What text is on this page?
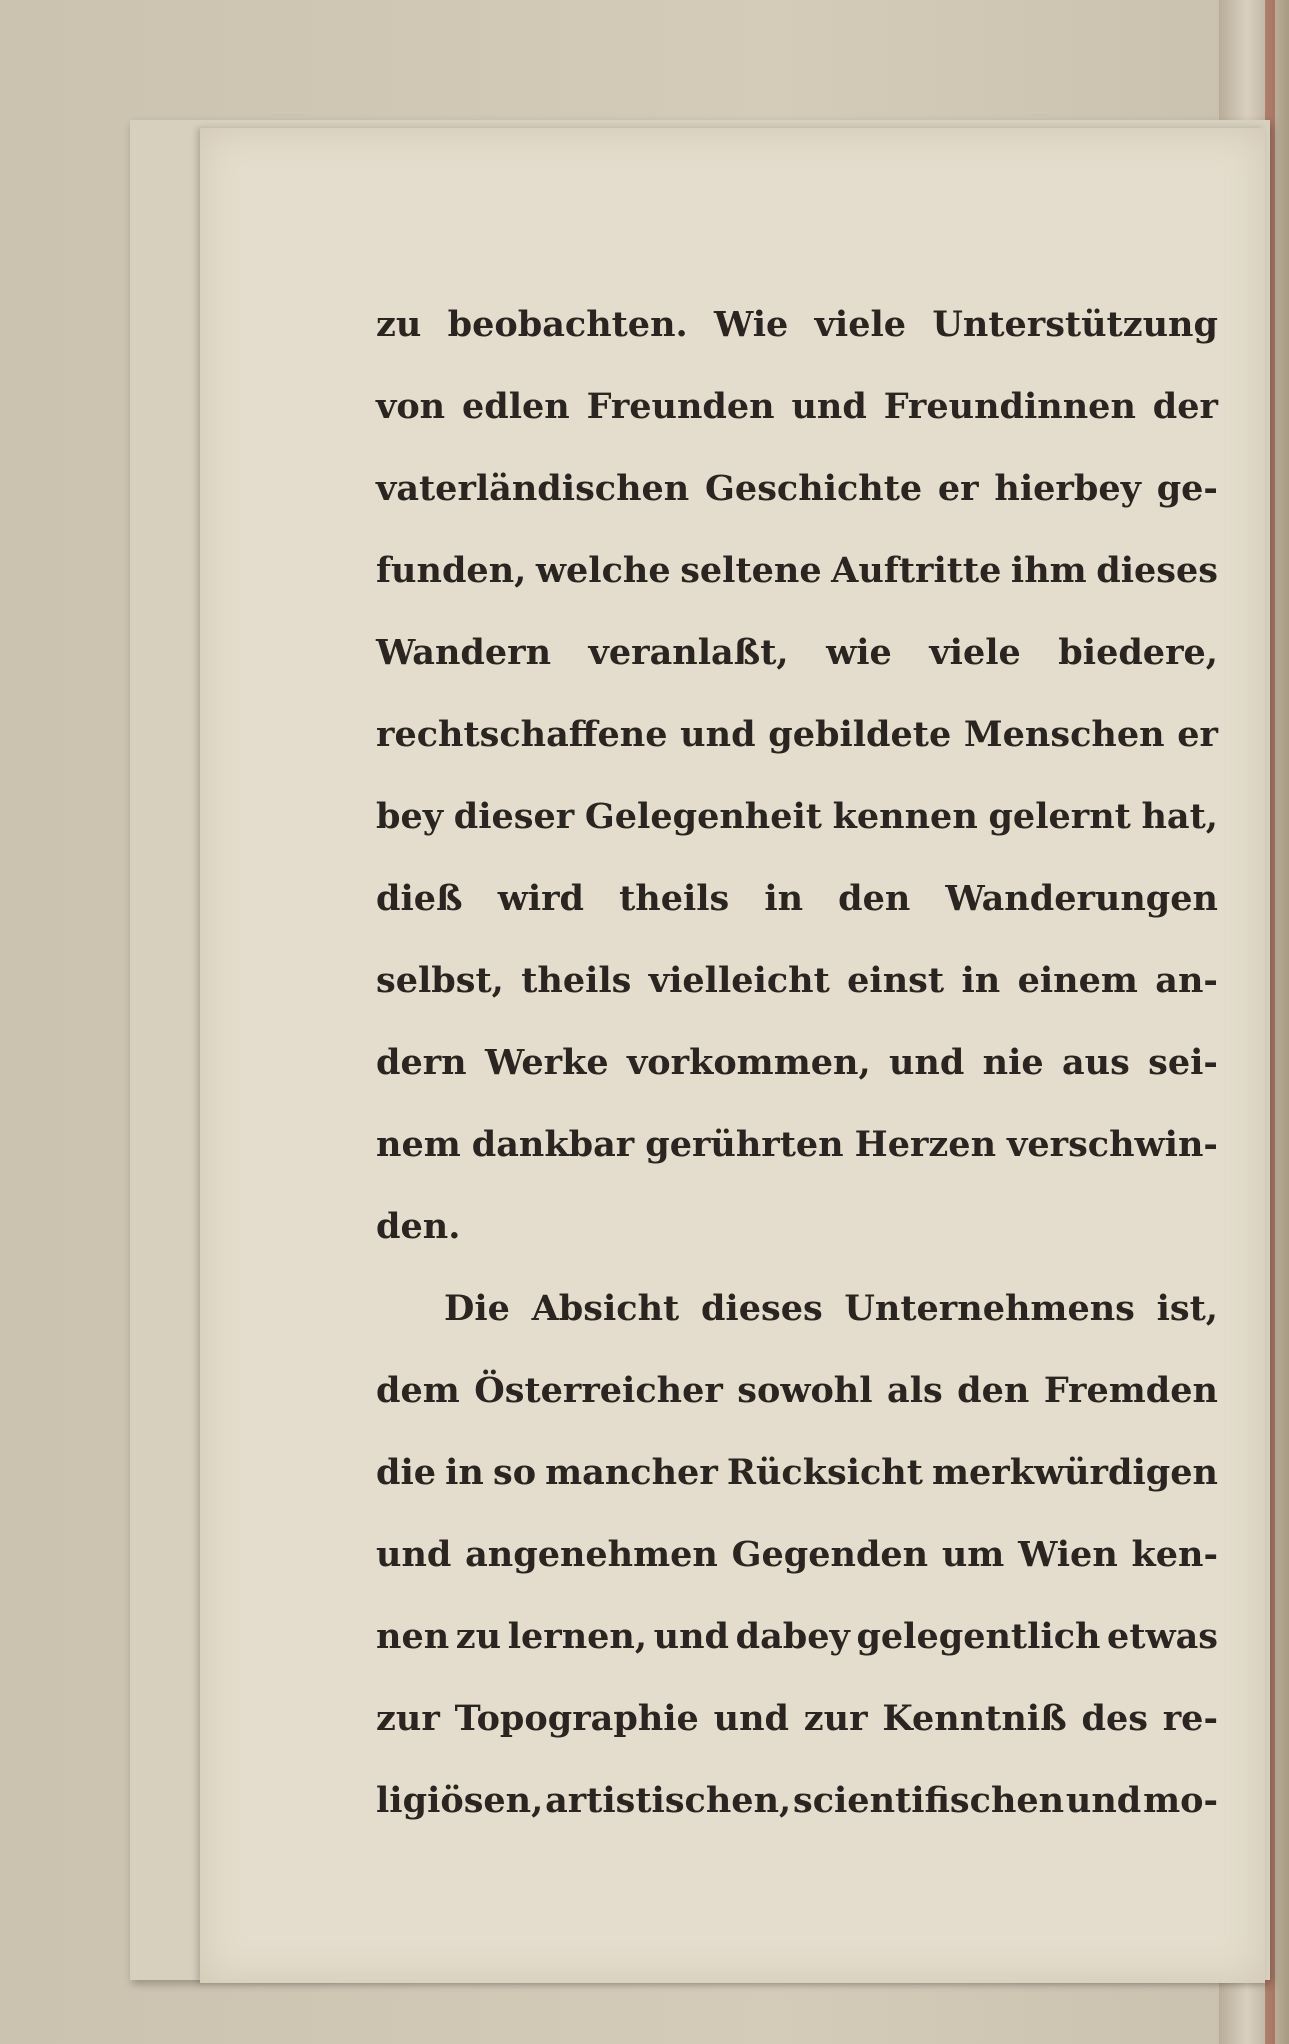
zu beobachten. Wie viele Unterstützung
von edlen Freunden und Freundinnen der
vaterländischen Geschichte er hierbey ge-
funden, welche seltene Auftritte ihm dieses
Wandern veranlaßt, wie viele biedere,
rechtschaffene und gebildete Menschen er
bey dieser Gelegenheit kennen gelernt hat,
dieß wird theils in den Wanderungen
selbst, theils vielleicht einst in einem an-
dern Werke vorkommen, und nie aus sei-
nem dankbar gerührten Herzen verschwin-
den.
Die Absicht dieses Unternehmens ist,
dem Österreicher sowohl als den Fremden
die in so mancher Rücksicht merkwürdigen
und angenehmen Gegenden um Wien ken-
nen zu lernen, und dabey gelegentlich etwas
zur Topographie und zur Kenntniß des re-
ligiösen, artistischen, scientifischen und mo-
